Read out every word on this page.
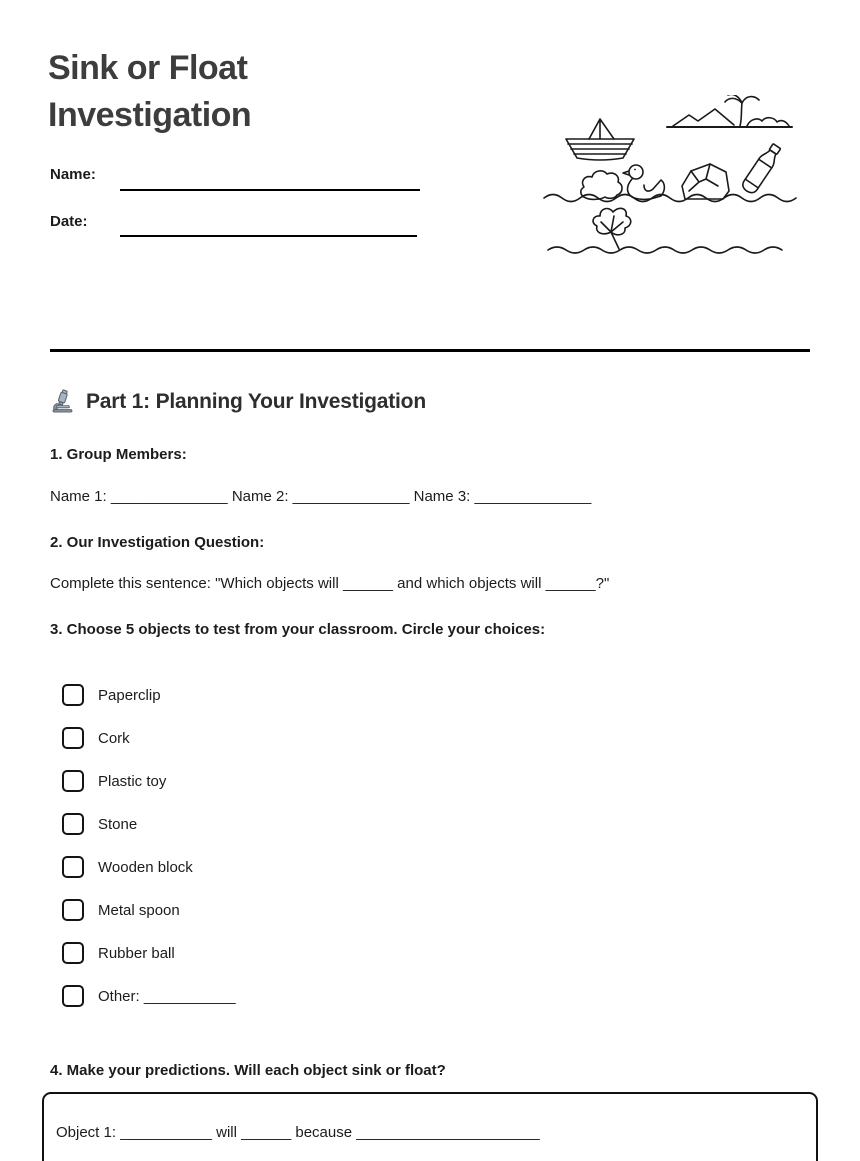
Sink or Float
Investigation
Name:
Date:
Part 1: Planning Your Investigation
1. Group Members:
Name 1: ______________ Name 2: ______________ Name 3: ______________
2. Our Investigation Question:
Complete this sentence: "Which objects will ______ and which objects will ______?"
3. Choose 5 objects to test from your classroom. Circle your choices:
Paperclip
Cork
Plastic toy
Stone
Wooden block
Metal spoon
Rubber ball
Other: ___________
4. Make your predictions. Will each object sink or float?

Object 1: ___________ will ______ because ______________________
